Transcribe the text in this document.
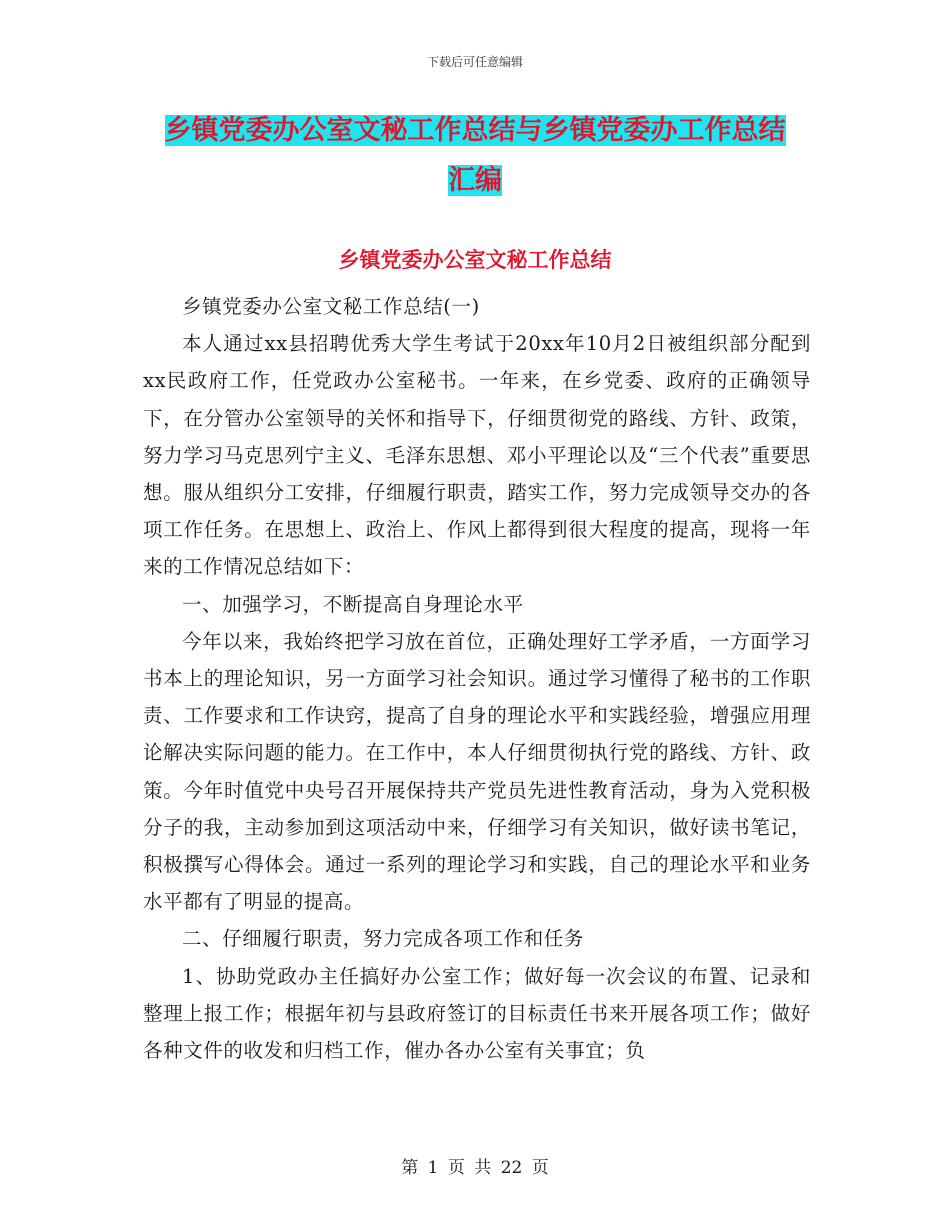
下载后可任意编辑
乡镇党委办公室文秘工作总结与乡镇党委办工作总结
汇编
乡镇党委办公室文秘工作总结

乡镇党委办公室文秘工作总结(一)

本人通过xx县招聘优秀大学生考试于20xx年10月2日被组织部分配到xx民政府工作，任党政办公室秘书。一年来，在乡党委、政府的正确领导下，在分管办公室领导的关怀和指导下，仔细贯彻党的路线、方针、政策，努力学习马克思列宁主义、毛泽东思想、邓小平理论以及“三个代表”重要思想。服从组织分工安排，仔细履行职责，踏实工作，努力完成领导交办的各项工作任务。在思想上、政治上、作风上都得到很大程度的提高，现将一年来的工作情况总结如下：

一、加强学习，不断提高自身理论水平

今年以来，我始终把学习放在首位，正确处理好工学矛盾，一方面学习书本上的理论知识，另一方面学习社会知识。通过学习懂得了秘书的工作职责、工作要求和工作诀窍，提高了自身的理论水平和实践经验，增强应用理论解决实际问题的能力。在工作中，本人仔细贯彻执行党的路线、方针、政策。今年时值党中央号召开展保持共产党员先进性教育活动，身为入党积极分子的我，主动参加到这项活动中来，仔细学习有关知识，做好读书笔记，积极撰写心得体会。通过一系列的理论学习和实践，自己的理论水平和业务水平都有了明显的提高。

二、仔细履行职责，努力完成各项工作和任务

1、协助党政办主任搞好办公室工作；做好每一次会议的布置、记录和整理上报工作；根据年初与县政府签订的目标责任书来开展各项工作；做好各种文件的收发和归档工作，催办各办公室有关事宜；负

第 1 页 共 22 页
